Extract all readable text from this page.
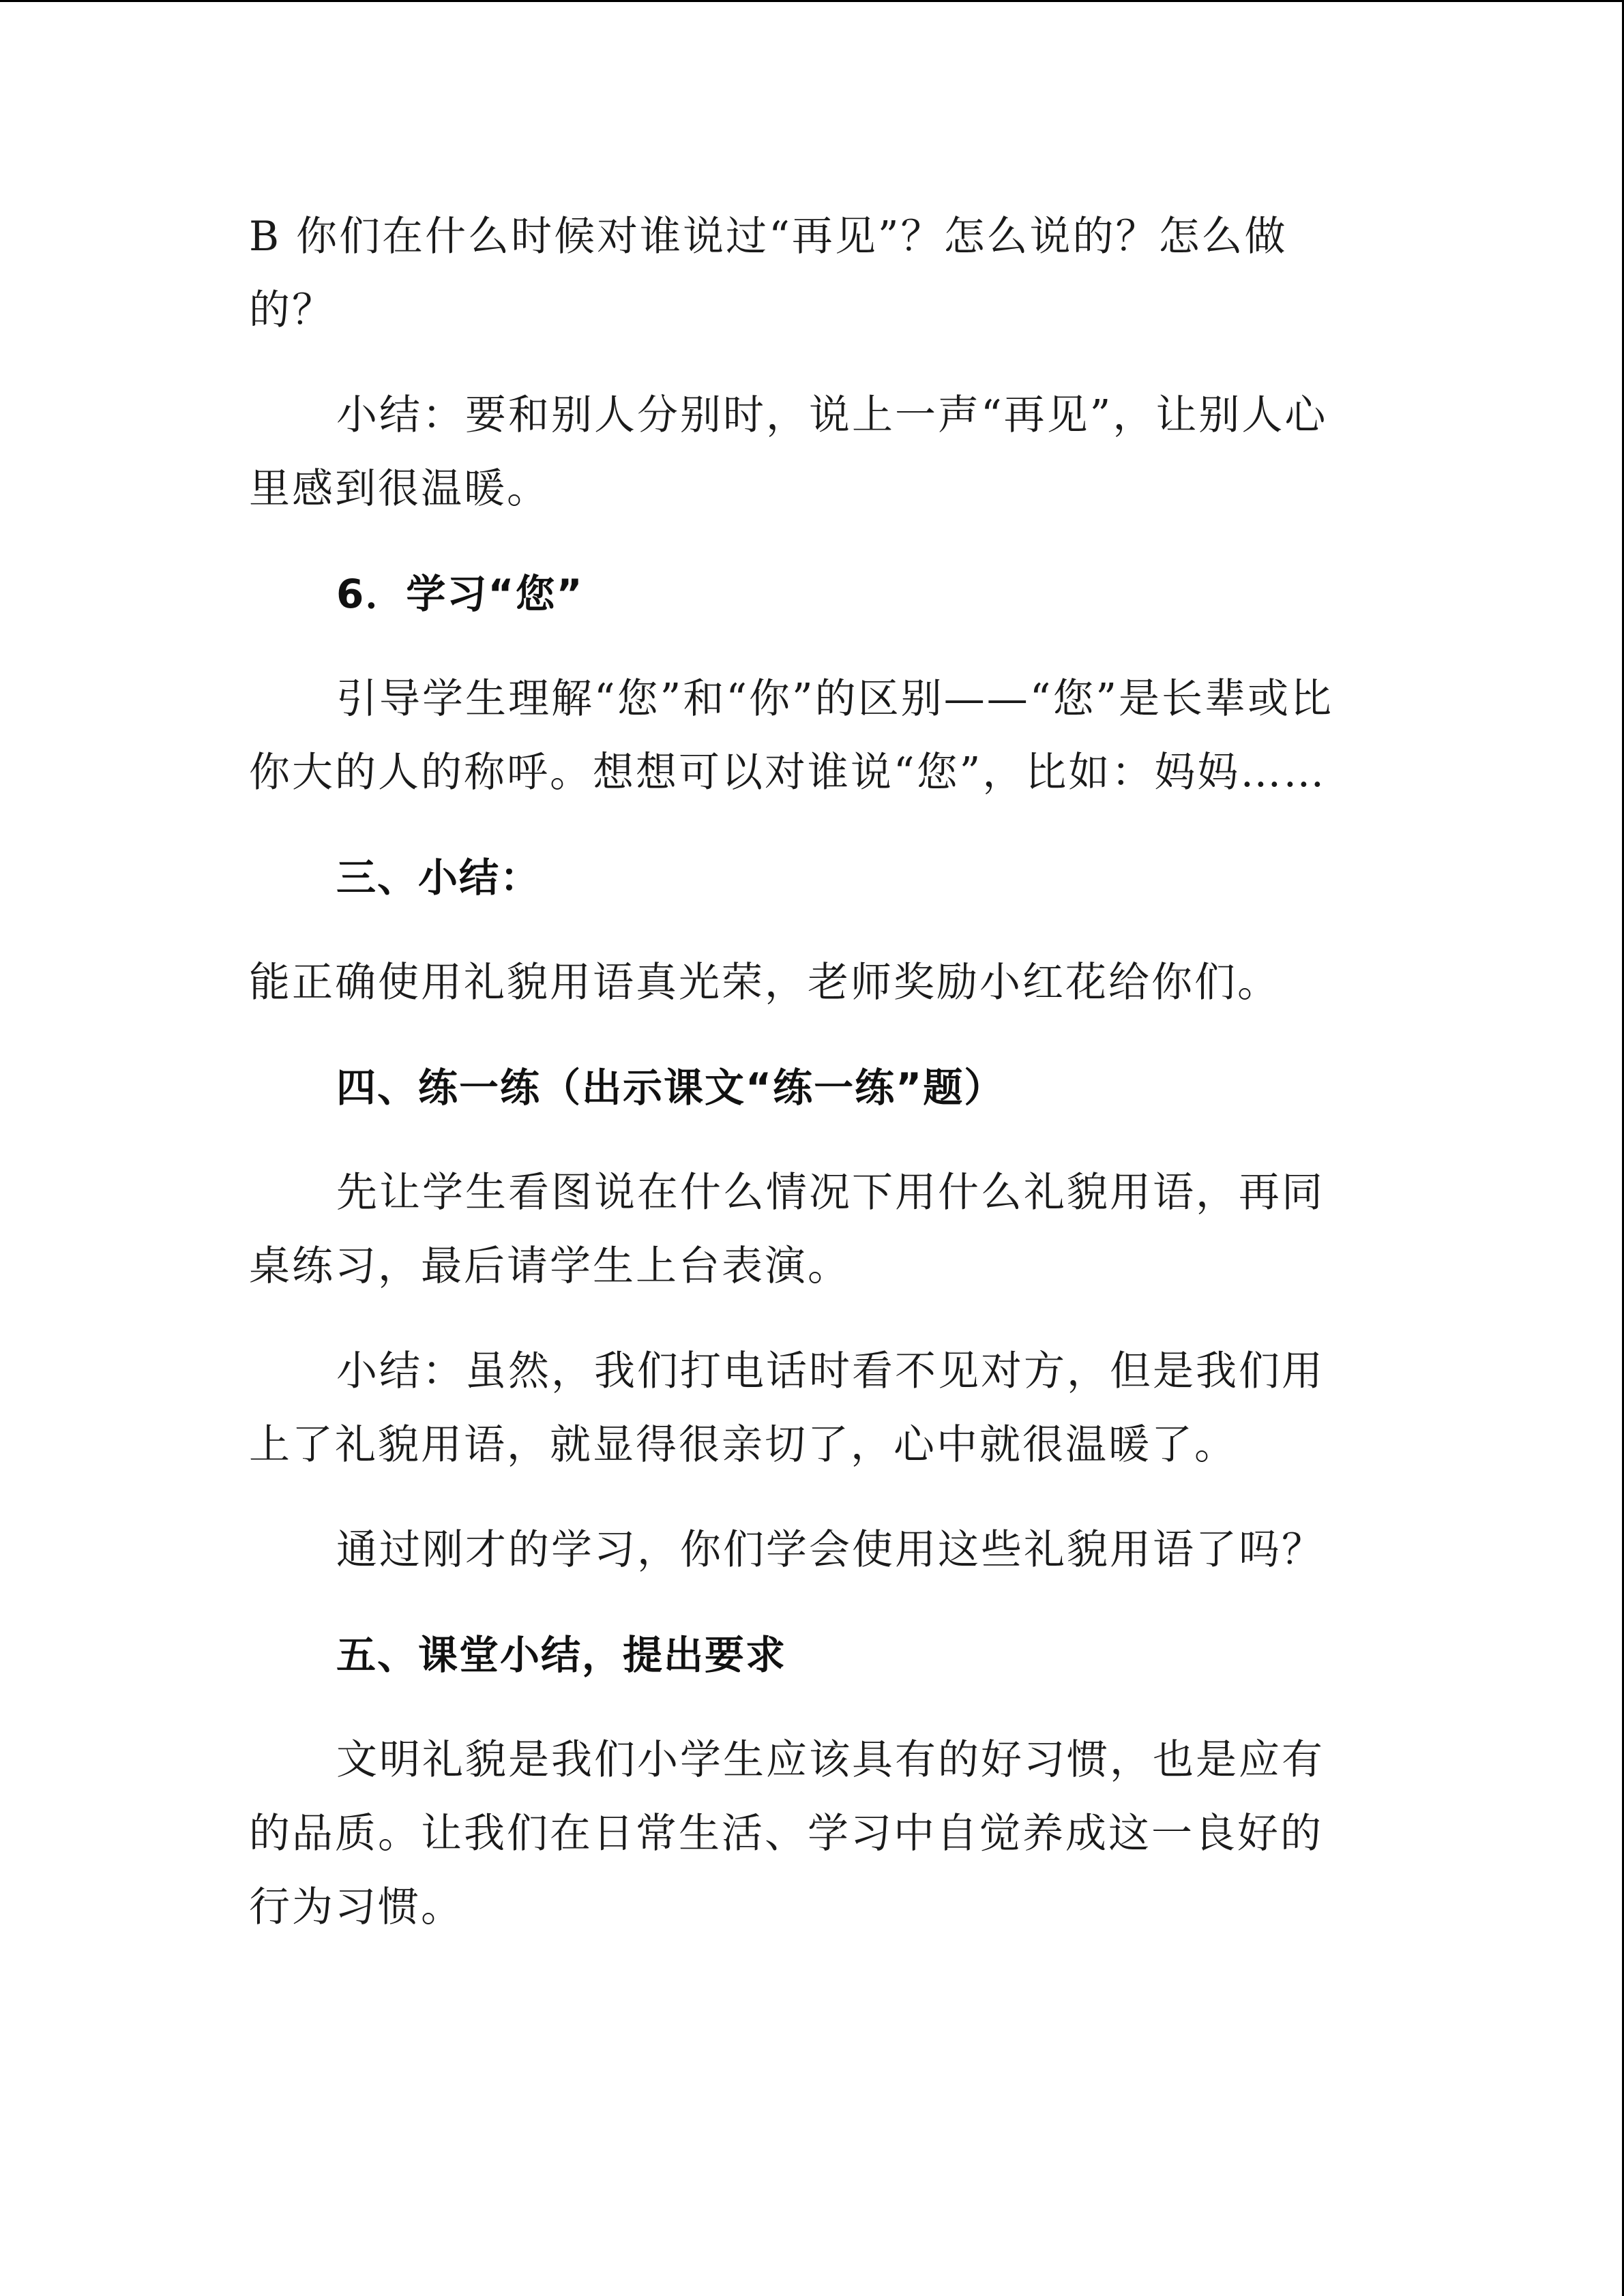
B 你们在什么时候对谁说过“再见”？怎么说的？怎么做的？

小结：要和别人分别时，说上一声“再见”，让别人心里感到很温暖。

6．学习“您”

引导学生理解“您”和“你”的区别——“您”是长辈或比你大的人的称呼。想想可以对谁说“您”，比如：妈妈……

三、小结：

能正确使用礼貌用语真光荣，老师奖励小红花给你们。

四、练一练（出示课文“练一练”题）

先让学生看图说在什么情况下用什么礼貌用语，再同桌练习，最后请学生上台表演。

小结：虽然，我们打电话时看不见对方，但是我们用上了礼貌用语，就显得很亲切了，心中就很温暖了。

通过刚才的学习，你们学会使用这些礼貌用语了吗？

五、课堂小结，提出要求

文明礼貌是我们小学生应该具有的好习惯，也是应有的品质。让我们在日常生活、学习中自觉养成这一良好的行为习惯。
